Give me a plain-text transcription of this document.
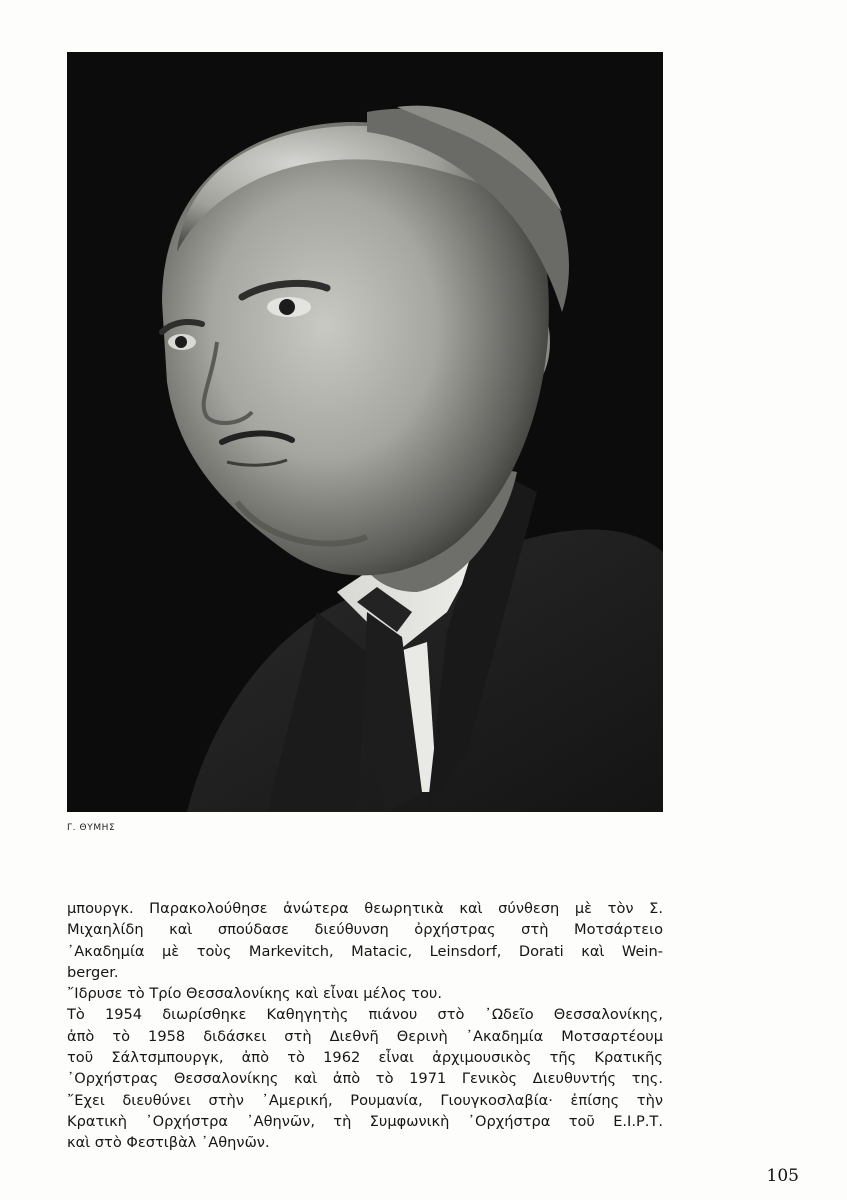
Γ. ΘΥΜΗΣ
μπουργκ. Παρακολούθησε ἀνώτερα θεωρητικὰ καὶ σύνθεση μὲ τὸν Σ.
Μιχαηλίδη καὶ σπούδασε διεύθυνση ὀρχήστρας στὴ Μοτσάρτειο
᾿Ακαδημία μὲ τοὺς Markevitch, Matacic, Leinsdorf, Dorati καὶ Wein-
berger.
῎Ιδρυσε τὸ Τρίο Θεσσαλονίκης καὶ εἶναι μέλος του.
Τὸ 1954 διωρίσθηκε Καθηγητὴς πιάνου στὸ ᾿Ωδεῖο Θεσσαλονίκης,
ἀπὸ τὸ 1958 διδάσκει στὴ Διεθνῆ Θερινὴ ᾿Ακαδημία Μοτσαρτέουμ
τοῦ Σάλτσμπουργκ, ἀπὸ τὸ 1962 εἶναι ἀρχιμουσικὸς τῆς Κρατικῆς
᾿Ορχήστρας Θεσσαλονίκης καὶ ἀπὸ τὸ 1971 Γενικὸς Διευθυντής της.
῎Εχει διευθύνει στὴν ᾿Αμερική, Ρουμανία, Γιουγκοσλαβία· ἐπίσης τὴν
Κρατικὴ ᾿Ορχήστρα ᾿Αθηνῶν, τὴ Συμφωνικὴ ᾿Ορχήστρα τοῦ Ε.Ι.Ρ.Τ.
καὶ στὸ Φεστιβὰλ ᾿Αθηνῶν.
105
